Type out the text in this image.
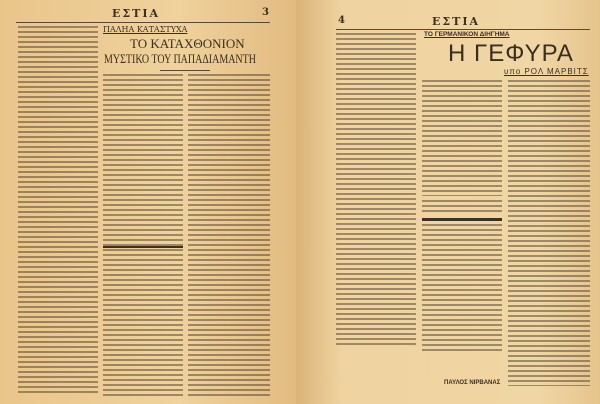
ΕΣΤΙΑ	3
ΠΑΛΗΑ ΚΑΤΑΣΤΥΧΑ
ΤΟ ΚΑΤΑΧΘΟΝΙΟΝ
ΜΥΣΤΙΚΟ ΤΟΥ ΠΑΠΑΔΙΑΜΑΝΤΗ
4	ΕΣΤΙΑ
ΤΟ ΓΕΡΜΑΝΙΚΟΝ ΔΙΗΓΗΜΑ
Η ΓΕΦΥΡΑ
υπο ΡΟΛ ΜΑΡΒΙΤΣ
ΠΑΥΛΟΣ ΝΙΡΒΑΝΑΣ
